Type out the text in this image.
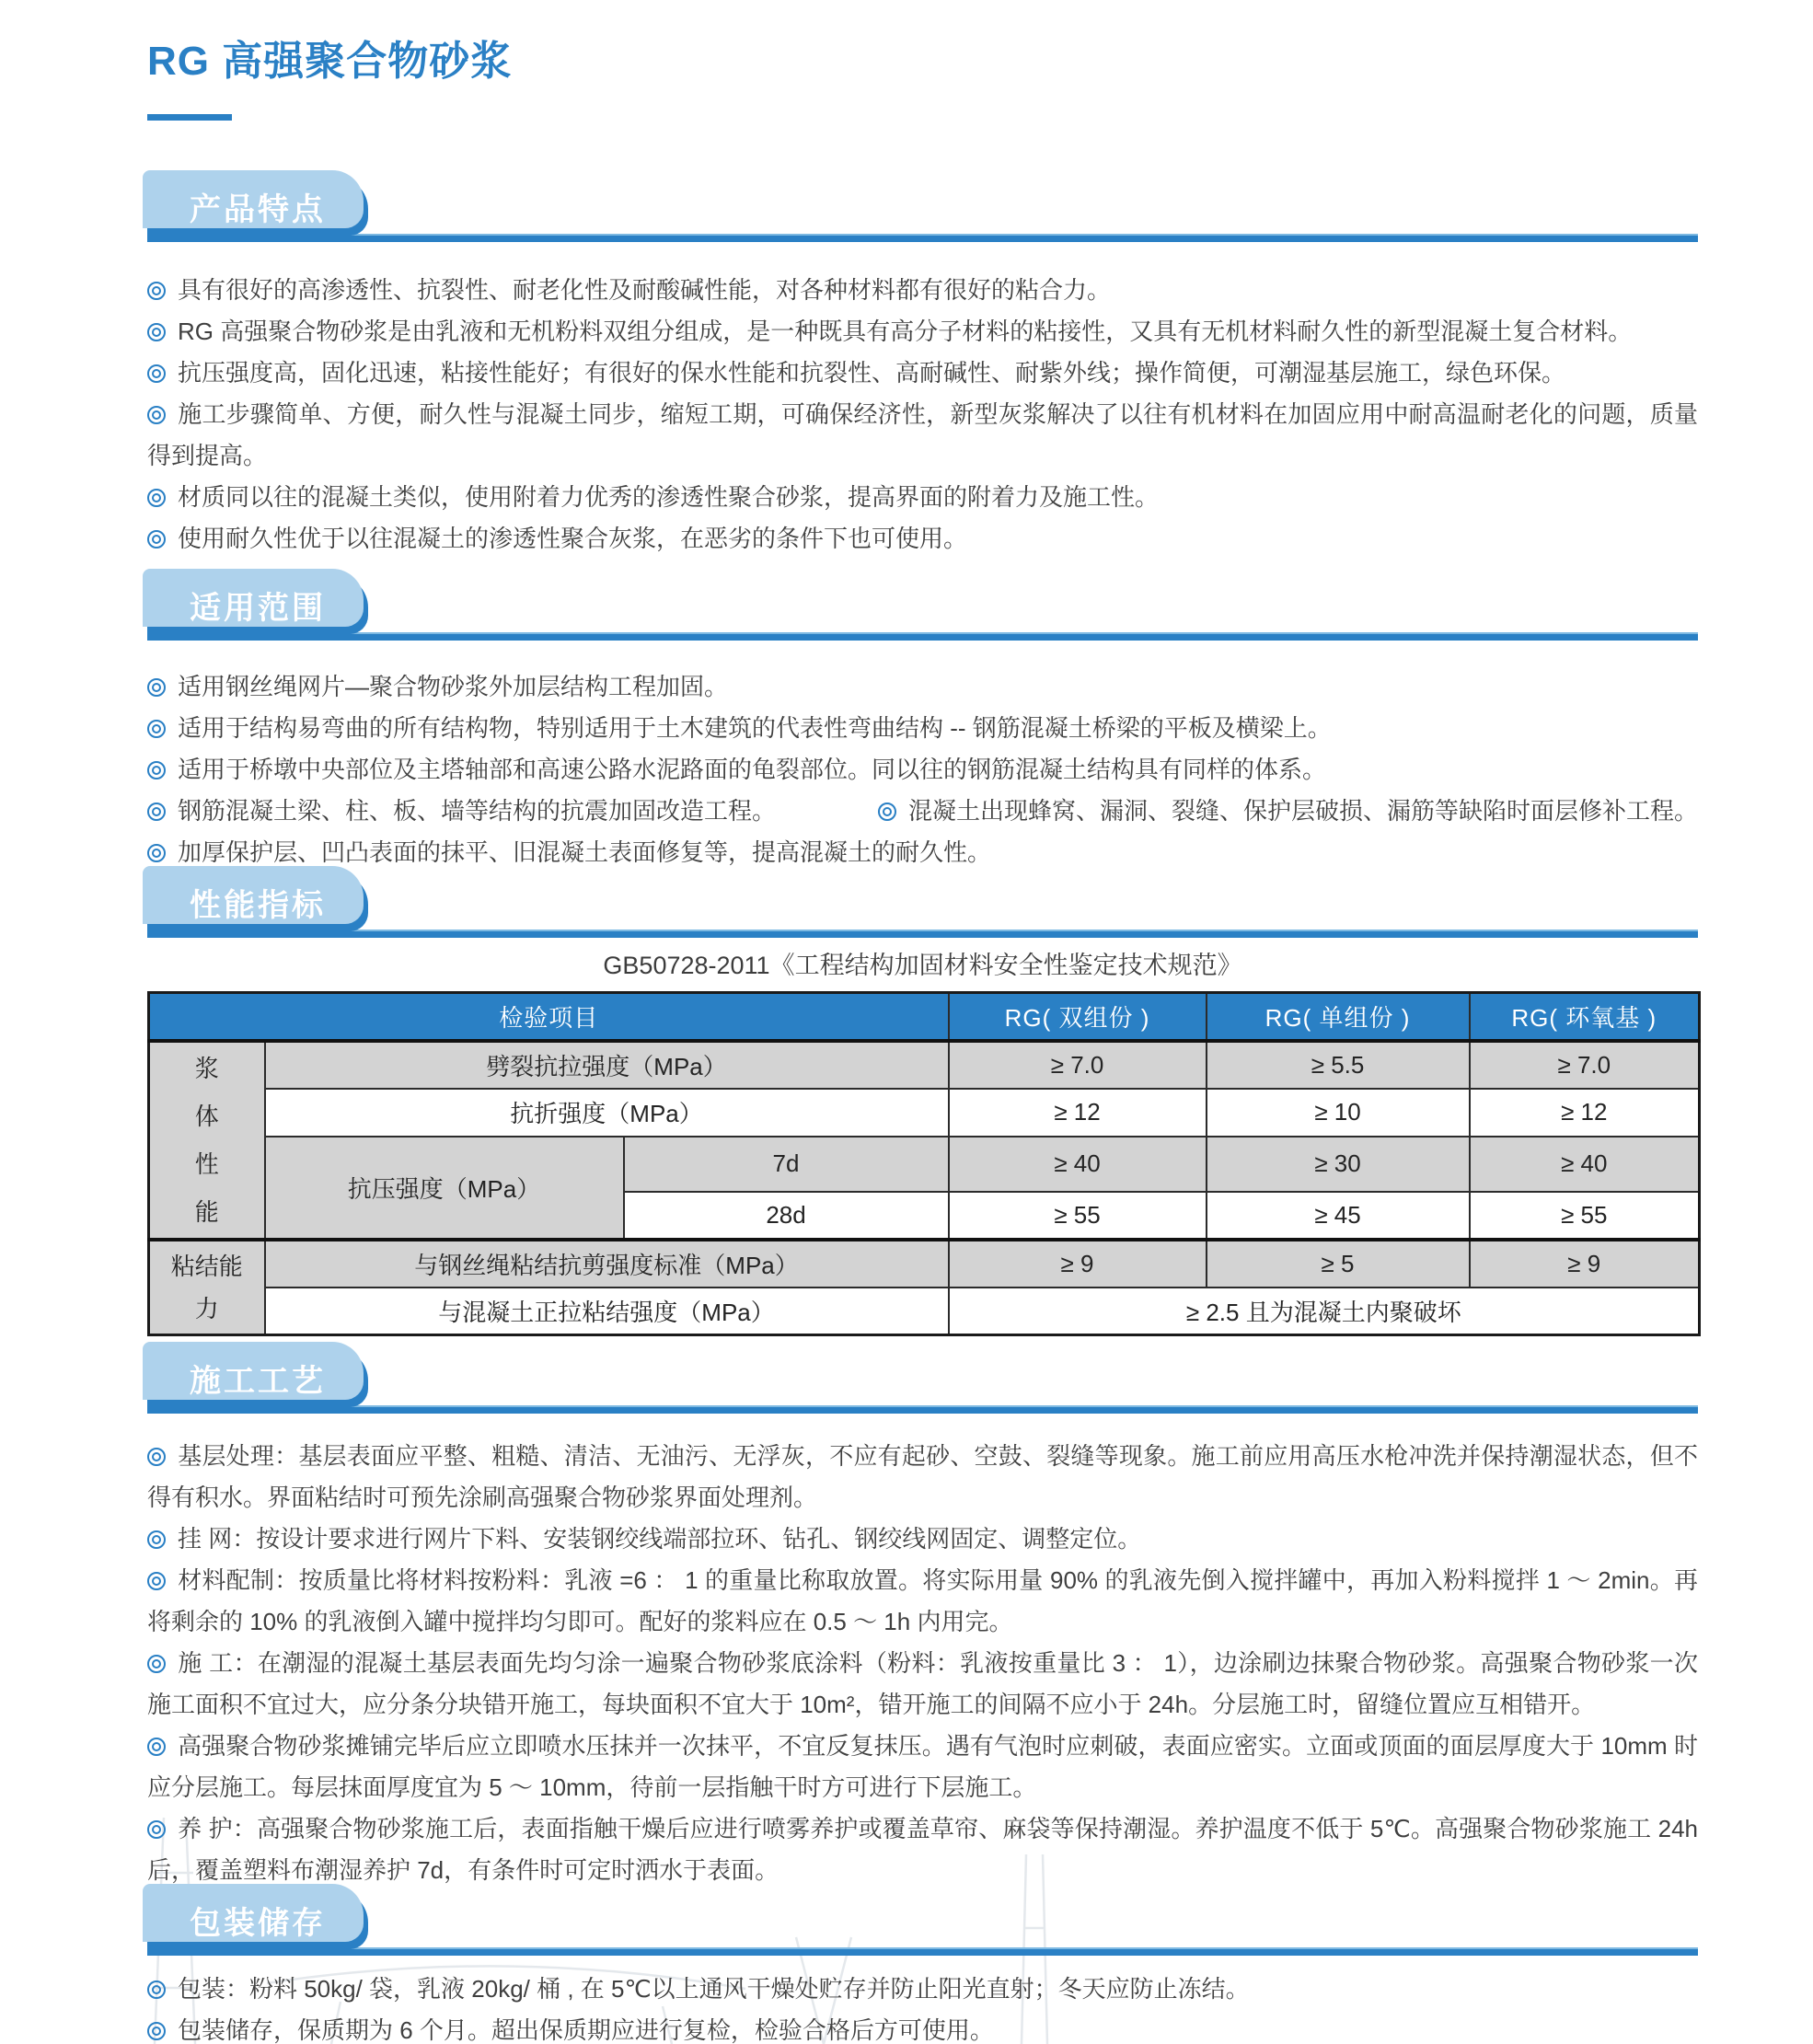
RG 高强聚合物砂浆
产品特点
具有很好的高渗透性、抗裂性、耐老化性及耐酸碱性能，对各种材料都有很好的粘合力。
RG 高强聚合物砂浆是由乳液和无机粉料双组分组成，是一种既具有高分子材料的粘接性，又具有无机材料耐久性的新型混凝土复合材料。
抗压强度高，固化迅速，粘接性能好；有很好的保水性能和抗裂性、高耐碱性、耐紫外线；操作简便，可潮湿基层施工，绿色环保。
施工步骤简单、方便，耐久性与混凝土同步，缩短工期，可确保经济性，新型灰浆解决了以往有机材料在加固应用中耐高温耐老化的问题，质量得到提高。
材质同以往的混凝土类似，使用附着力优秀的渗透性聚合砂浆，提高界面的附着力及施工性。
使用耐久性优于以往混凝土的渗透性聚合灰浆，在恶劣的条件下也可使用。
适用范围
适用钢丝绳网片—聚合物砂浆外加层结构工程加固。
适用于结构易弯曲的所有结构物，特别适用于土木建筑的代表性弯曲结构 -- 钢筋混凝土桥梁的平板及横梁上。
适用于桥墩中央部位及主塔轴部和高速公路水泥路面的龟裂部位。同以往的钢筋混凝土结构具有同样的体系。
钢筋混凝土梁、柱、板、墙等结构的抗震加固改造工程。	混凝土出现蜂窝、漏洞、裂缝、保护层破损、漏筋等缺陷时面层修补工程。
加厚保护层、凹凸表面的抹平、旧混凝土表面修复等，提高混凝土的耐久性。
性能指标
GB50728-2011《工程结构加固材料安全性鉴定技术规范》
检验项目			RG( 双组份 )	RG( 单组份 )	RG( 环氧基 )
浆体性能	劈裂抗拉强度（MPa）		≥ 7.0	≥ 5.5	≥ 7.0
	抗折强度（MPa）		≥ 12	≥ 10	≥ 12
	抗压强度（MPa）	7d	≥ 40	≥ 30	≥ 40
		28d	≥ 55	≥ 45	≥ 55
粘结能力	与钢丝绳粘结抗剪强度标准（MPa）		≥ 9	≥ 5	≥ 9
	与混凝土正拉粘结强度（MPa）		≥ 2.5 且为混凝土内聚破坏		
施工工艺
基层处理：基层表面应平整、粗糙、清洁、无油污、无浮灰，不应有起砂、空鼓、裂缝等现象。施工前应用高压水枪冲洗并保持潮湿状态，但不得有积水。界面粘结时可预先涂刷高强聚合物砂浆界面处理剂。
挂 网：按设计要求进行网片下料、安装钢绞线端部拉环、钻孔、钢绞线网固定、调整定位。
材料配制：按质量比将材料按粉料：乳液 =6 ： 1 的重量比称取放置。将实际用量 90% 的乳液先倒入搅拌罐中，再加入粉料搅拌 1 ～ 2min。再将剩余的 10% 的乳液倒入罐中搅拌均匀即可。配好的浆料应在 0.5 ～ 1h 内用完。
施 工：在潮湿的混凝土基层表面先均匀涂一遍聚合物砂浆底涂料（粉料：乳液按重量比 3 ： 1），边涂刷边抹聚合物砂浆。高强聚合物砂浆一次施工面积不宜过大，应分条分块错开施工，每块面积不宜大于 10m²，错开施工的间隔不应小于 24h。分层施工时，留缝位置应互相错开。
高强聚合物砂浆摊铺完毕后应立即喷水压抹并一次抹平，不宜反复抹压。遇有气泡时应刺破，表面应密实。立面或顶面的面层厚度大于 10mm 时应分层施工。每层抹面厚度宜为 5 ～ 10mm，待前一层指触干时方可进行下层施工。
养 护：高强聚合物砂浆施工后，表面指触干燥后应进行喷雾养护或覆盖草帘、麻袋等保持潮湿。养护温度不低于 5℃。高强聚合物砂浆施工 24h 后，覆盖塑料布潮湿养护 7d，有条件时可定时洒水于表面。
包装储存
包装：粉料 50kg/ 袋，乳液 20kg/ 桶 , 在 5℃以上通风干燥处贮存并防止阳光直射；冬天应防止冻结。
包装储存，保质期为 6 个月。超出保质期应进行复检，检验合格后方可使用。
